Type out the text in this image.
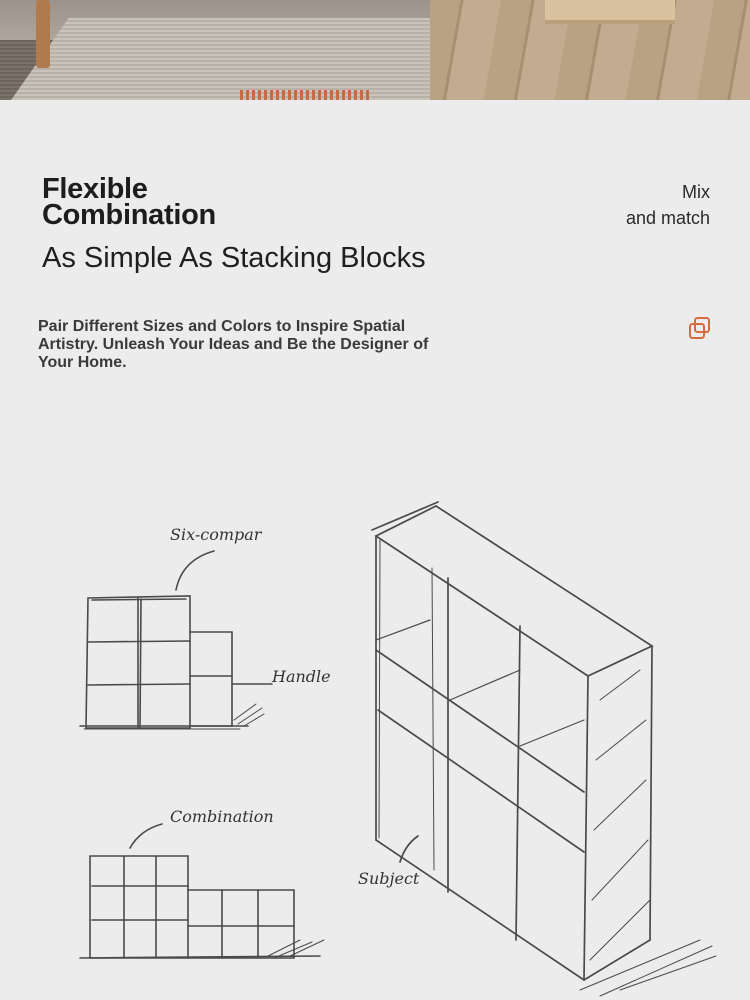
Flexible
Combination
As Simple As Stacking Blocks
Mix
and match
Pair Different Sizes and Colors to Inspire Spatial Artistry. Unleash Your Ideas and Be the Designer of Your Home.
Six-compar
Handle
Combination
Subject
